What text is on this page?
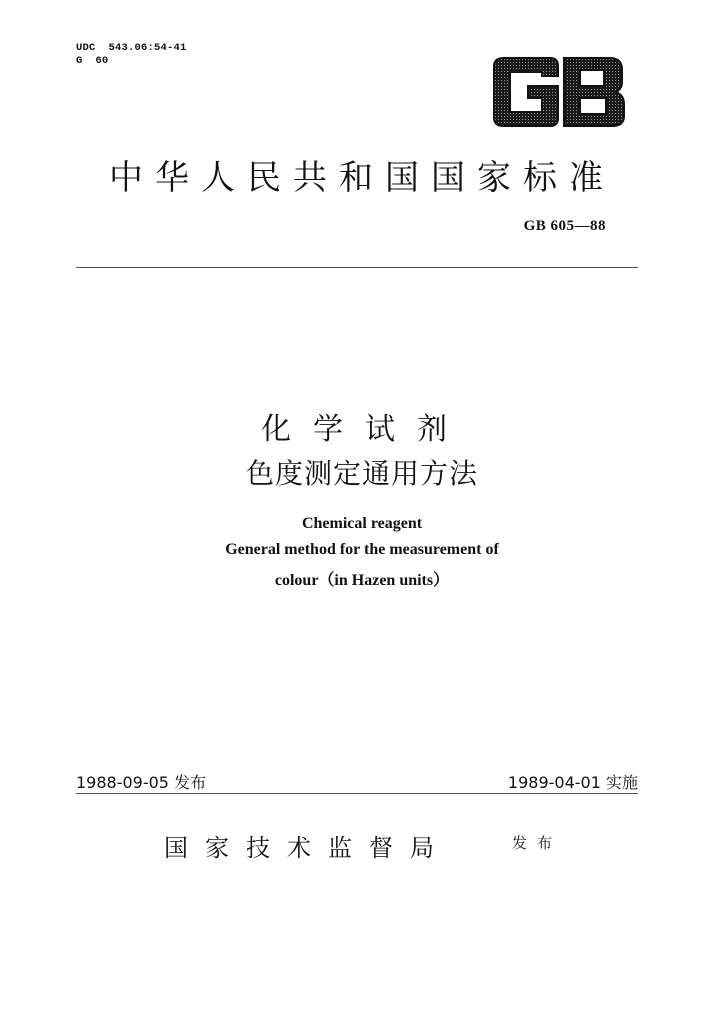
UDC  543.06:54-41
G  60
中华人民共和国国家标准
GB 605—88
化学试剂
色度测定通用方法
Chemical reagent
General method for the measurement of
colour（in Hazen units）
1988-09-05 发布	1989-04-01 实施
国家技术监督局	发布
